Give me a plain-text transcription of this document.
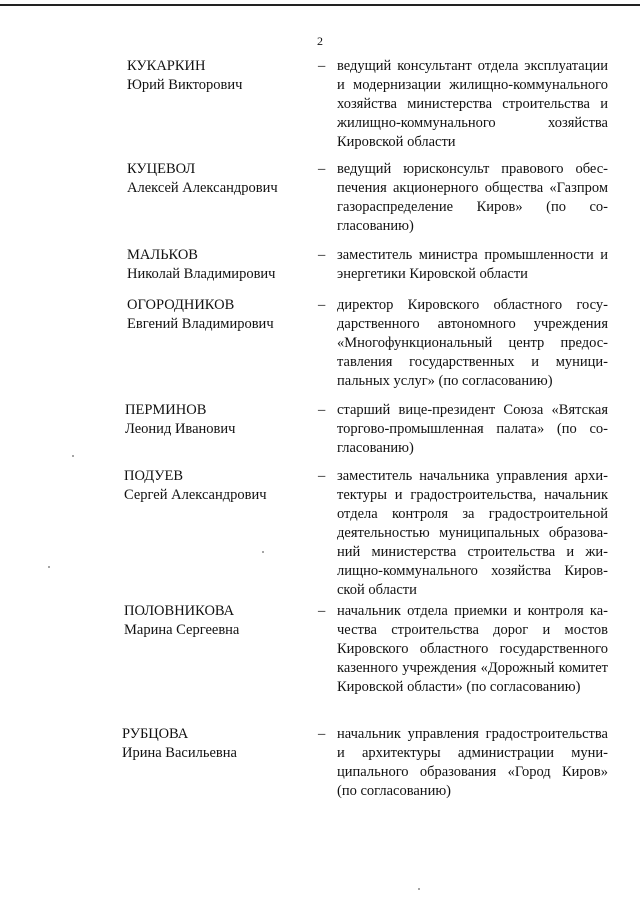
2
КУКАРКИН
Юрий Викторович
– ведущий консультант отдела эксплуатации и модернизации жилищно-коммунального хозяйства министерства строительства и жилищно-коммунального хозяйства Кировской области

КУЦЕВОЛ
Алексей Александрович
– ведущий юрисконсульт правового обеспечения акционерного общества «Газпром газораспределение Киров» (по согласованию)

МАЛЬКОВ
Николай Владимирович
– заместитель министра промышленности и энергетики Кировской области

ОГОРОДНИКОВ
Евгений Владимирович
– директор Кировского областного государственного автономного учреждения «Многофункциональный центр предоставления государственных и муниципальных услуг» (по согласованию)

ПЕРМИНОВ
Леонид Иванович
– старший вице-президент Союза «Вятская торгово-промышленная палата» (по согласованию)

ПОДУЕВ
Сергей Александрович
– заместитель начальника управления архитектуры и градостроительства, начальник отдела контроля за градостроительной деятельностью муниципальных образований министерства строительства и жилищно-коммунального хозяйства Кировской области

ПОЛОВНИКОВА
Марина Сергеевна
– начальник отдела приемки и контроля качества строительства дорог и мостов Кировского областного государственного казенного учреждения «Дорожный комитет Кировской области» (по согласованию)

РУБЦОВА
Ирина Васильевна
– начальник управления градостроительства и архитектуры администрации муниципального образования «Город Киров» (по согласованию)
